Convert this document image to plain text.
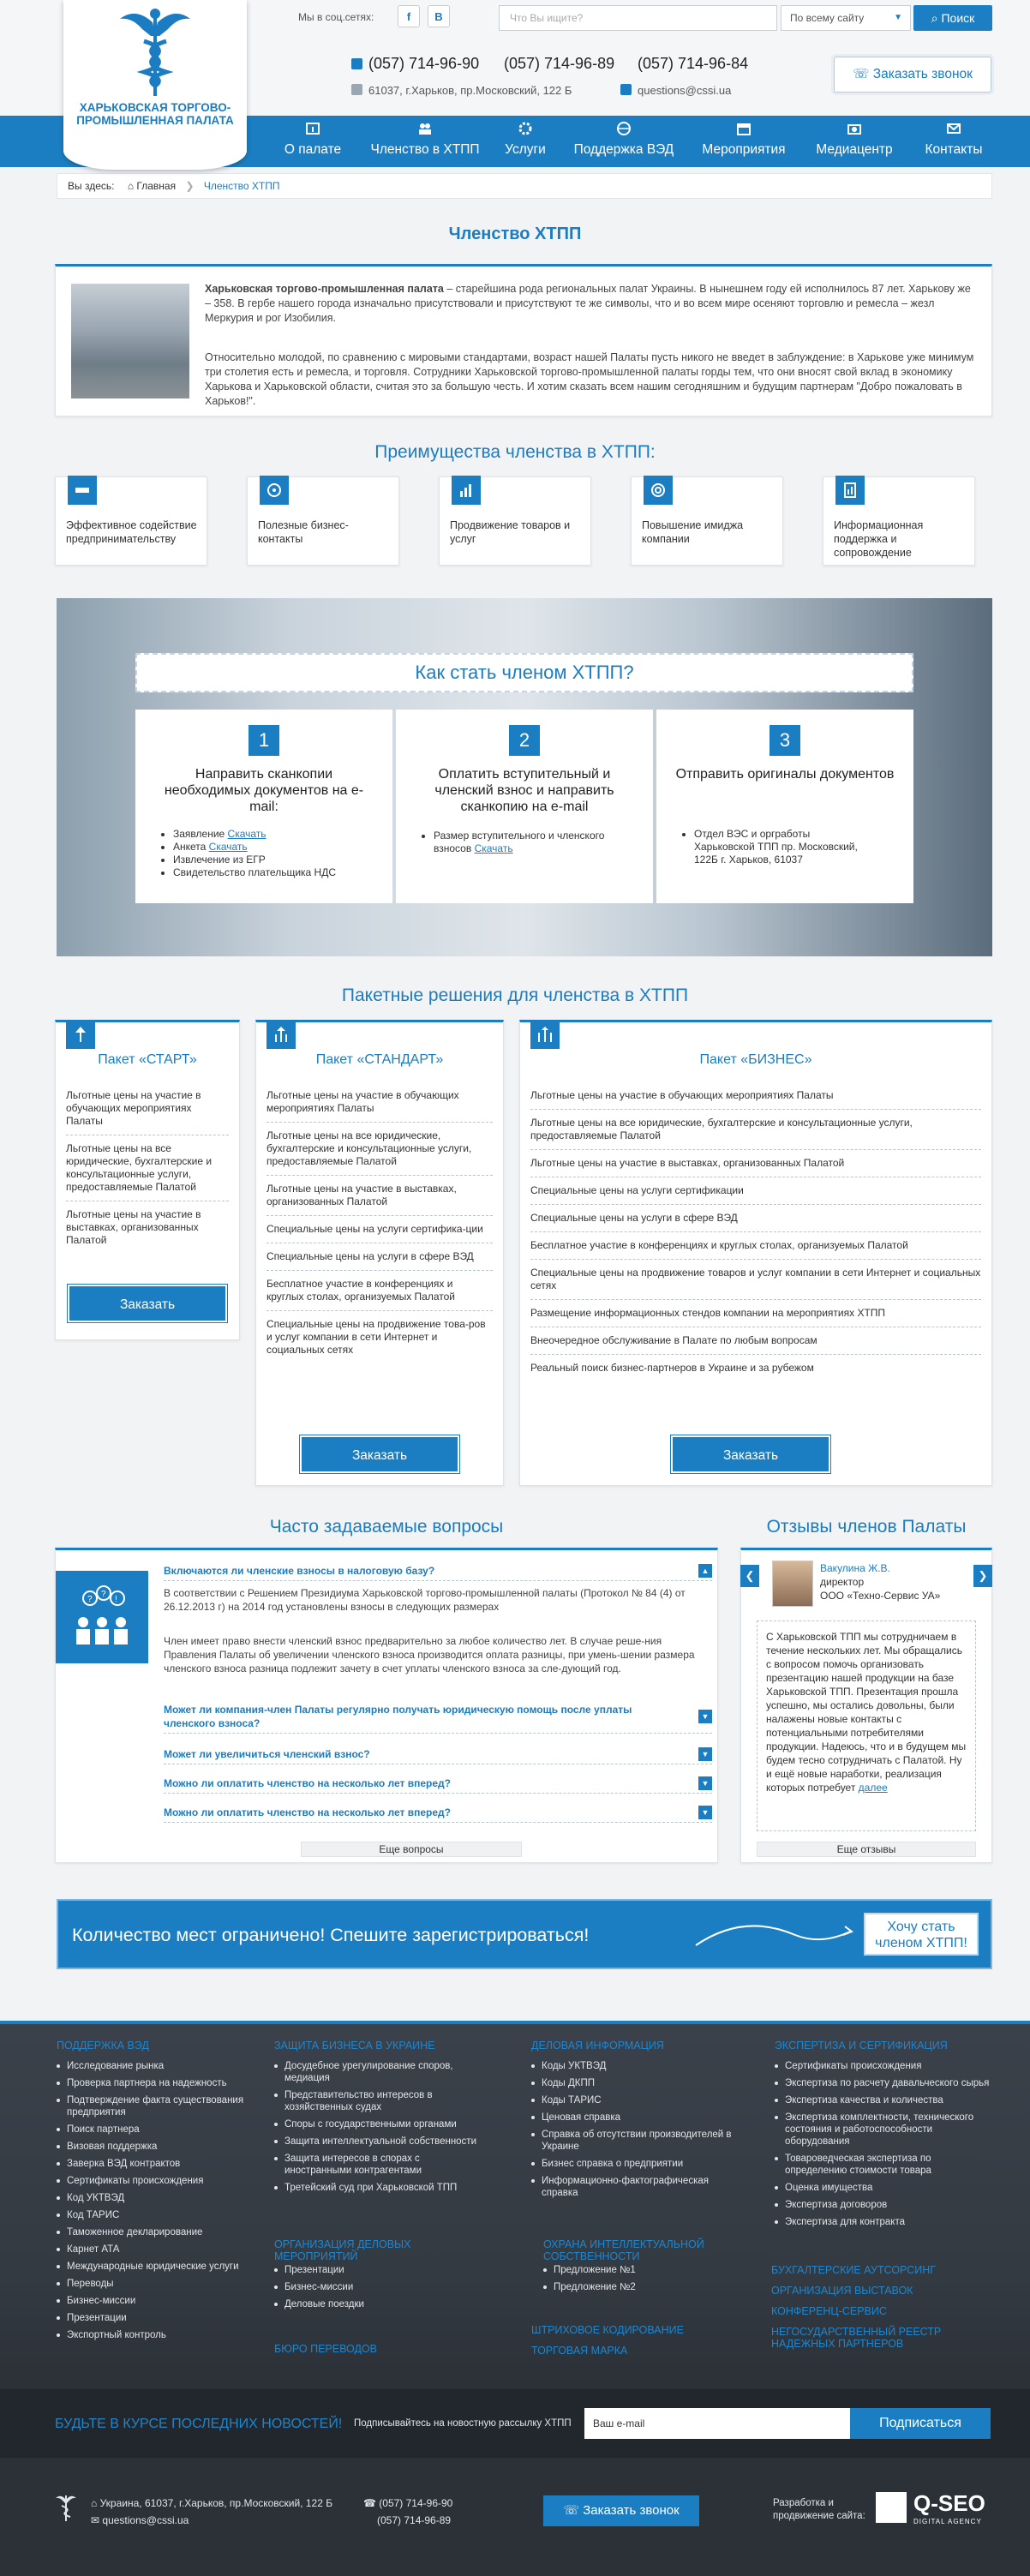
ХАРЬКОВСКАЯ ТОРГОВО-ПРОМЫШЛЕННАЯ ПАЛАТА
Мы в соц.сетях:	f	В	Что Вы ищите?	По всему сайту	▼	⌕ Поиск
(057) 714-96-90 (057) 714-96-89 (057) 714-96-84
61037, г.Харьков, пр.Московский, 122 Б	questions@cssi.ua
☏ Заказать звонок
О палате	Членство в ХТПП	Услуги	Поддержка ВЭД	Мероприятия	Медиацентр	Контакты
Вы здесь: ⌂ Главная ❯ Членство ХТПП
Членство ХТПП
Харьковская торгово-промышленная палата – старейшина рода региональных палат Украины. В нынешнем году ей исполнилось 87 лет. Харькову же – 358. В гербе нашего города изначально присутствовали и присутствуют те же символы, что и во всем мире осеняют торговлю и ремесла – жезл Меркурия и рог Изобилия.
Относительно молодой, по сравнению с мировыми стандартами, возраст нашей Палаты пусть никого не введет в заблуждение: в Харькове уже минимум три столетия есть и ремесла, и торговля. Сотрудники Харьковской торгово-промышленной палаты горды тем, что они вносят свой вклад в экономику Харькова и Харьковской области, считая это за большую честь. И хотим сказать всем нашим сегодняшним и будущим партнерам "Добро пожаловать в Харьков!".
Преимущества членства в ХТПП:
Эффективное содействие предпринимательству
Полезные бизнес-контакты
Продвижение товаров и услуг
Повышение имиджа компании
Информационная поддержка и сопровождение
Как стать членом ХТПП?
1
Направить сканкопии необходимых документов на e-mail:
• Заявление Скачать
• Анкета Скачать
• Извлечение из ЕГР
• Свидетельство плательщика НДС
2
Оплатить вступительный и членский взнос и направить сканкопию на e-mail
• Размер вступительного и членского взносов Скачать
3
Отправить оригиналы документов
• Отдел ВЭС и оргработы Харьковской ТПП пр. Московский, 122Б г. Харьков, 61037
Пакетные решения для членства в ХТПП
Пакет «СТАРТ»
Льготные цены на участие в обучающих мероприятиях Палаты
Льготные цены на все юридические, бухгалтерские и консультационные услуги, предоставляемые Палатой
Льготные цены на участие в выставках, организованных Палатой
Заказать
Пакет «СТАНДАРТ»
Льготные цены на участие в обучающих мероприятиях Палаты
Льготные цены на все юридические, бухгалтерские и консультационные услуги, предоставляемые Палатой
Льготные цены на участие в выставках, организованных Палатой
Специальные цены на услуги сертифика-ции
Специальные цены на услуги в сфере ВЭД
Бесплатное участие в конференциях и круглых столах, организуемых Палатой
Специальные цены на продвижение това-ров и услуг компании в сети Интернет и социальных сетях
Заказать
Пакет «БИЗНЕС»
Льготные цены на участие в обучающих мероприятиях Палаты
Льготные цены на все юридические, бухгалтерские и консультационные услуги, предоставляемые Палатой
Льготные цены на участие в выставках, организованных Палатой
Специальные цены на услуги сертификации
Специальные цены на услуги в сфере ВЭД
Бесплатное участие в конференциях и круглых столах, организуемых Палатой
Специальные цены на продвижение товаров и услуг компании в сети Интернет и социальных сетях
Размещение информационных стендов компании на мероприятиях ХТПП
Внеочередное обслуживание в Палате по любым вопросам
Реальный поиск бизнес-партнеров в Украине и за рубежом
Заказать
Часто задаваемые вопросы
?
?
!
Включаются ли членские взносы в налоговую базу?	▲
В соответствии с Решением Президиума Харьковской торгово-промышленной палаты (Протокол № 84 (4) от 26.12.2013 г) на 2014 год установлены взносы в следующих размерах
Член имеет право внести членский взнос предварительно за любое количество лет. В случае реше-ния Правления Палаты об увеличении членского взноса производится оплата разницы, при умень-шении размера членского взноса разница подлежит зачету в счет уплаты членского взноса за сле-дующий год.
Может ли компания-член Палаты регулярно получать юридическую помощь после уплаты членского взноса?
▼
Может ли увеличиться членский взнос?	▼
Можно ли оплатить членство на несколько лет вперед?	▼
Можно ли оплатить членство на несколько лет вперед?	▼
Еще вопросы
Отзывы членов Палаты
Вакулина Ж.В.
директор
ООО «Техно-Сервис УА»
С Харьковской ТПП мы сотрудничаем в течение нескольких лет. Мы обращались с вопросом помочь организовать презентацию нашей продукции на базе Харьковской ТПП. Презентация прошла успешно, мы остались довольны, были налажены новые контакты с потенциальными потребителями продукции. Надеюсь, что и в будущем мы будем тесно сотрудничать с Палатой. Ну и ещё новые наработки, реализация которых потребует далее
Еще отзывы
❮	❯
Количество мест ограничено! Спешите зарегистрироваться!	Хочу стать членом ХТПП!
ПОДДЕРЖКА ВЭД
Исследование рынка
Проверка партнера на надежность
Подтверждение факта существования предприятия
Поиск партнера
Визовая поддержка
Заверка ВЭД контрактов
Сертификаты происхождения
Код УКТВЭД
Код ТАРИС
Таможенное декларирование
Карнет АТА
Международные юридические услуги
Переводы
Бизнес-миссии
Презентации
Экспортный контроль
ЗАЩИТА БИЗНЕСА В УКРАИНЕ
Досудебное урегулирование споров, медиация
Представительство интересов в хозяйственных судах
Споры с государственными органами
Защита интеллектуальной собственности
Защита интересов в спорах с иностранными контрагентами
Третейский суд при Харьковской ТПП
ДЕЛОВАЯ ИНФОРМАЦИЯ
Коды УКТВЭД
Коды ДКПП
Коды ТАРИС
Ценовая справка
Справка об отсутствии производителей в Украине
Бизнес справка о предприятии
Информационно-фактографическая справка
ЭКСПЕРТИЗА И СЕРТИФИКАЦИЯ
Сертификаты происхождения
Экспертиза по расчету давальческого сырья
Экспертиза качества и количества
Экспертиза комплектности, технического состояния и работоспособности оборудования
Товароведческая экспертиза по определению стоимости товара
Оценка имущества
Экспертиза договоров
Экспертиза для контракта
ОРГАНИЗАЦИЯ ДЕЛОВЫХ МЕРОПРИЯТИЙ
Презентации
Бизнес-миссии
Деловые поездки
БЮРО ПЕРЕВОДОВ
ОХРАНА ИНТЕЛЛЕКТУАЛЬНОЙ СОБСТВЕННОСТИ
Предложение №1
Предложение №2
ШТРИХОВОЕ КОДИРОВАНИЕ
ТОРГОВАЯ МАРКА
БУХГАЛТЕРСКИЕ АУТСОРСИНГ
ОРГАНИЗАЦИЯ ВЫСТАВОК
КОНФЕРЕНЦ-СЕРВИС
НЕГОСУДАРСТВЕННЫЙ РЕЕСТР НАДЕЖНЫХ ПАРТНЕРОВ
БУДЬТЕ В КУРСЕ ПОСЛЕДНИХ НОВОСТЕЙ! Подписывайтесь на новостную рассылку ХТПП	Ваш e-mail	Подписаться
⌂ Украина, 61037, г.Харьков, пр.Московский, 122 Б
✉ questions@cssi.ua
☎ (057) 714-96-90
(057) 714-96-89
☏ Заказать звонок	Разработка и продвижение сайта: Q-SEO
DIGITAL AGENCY
